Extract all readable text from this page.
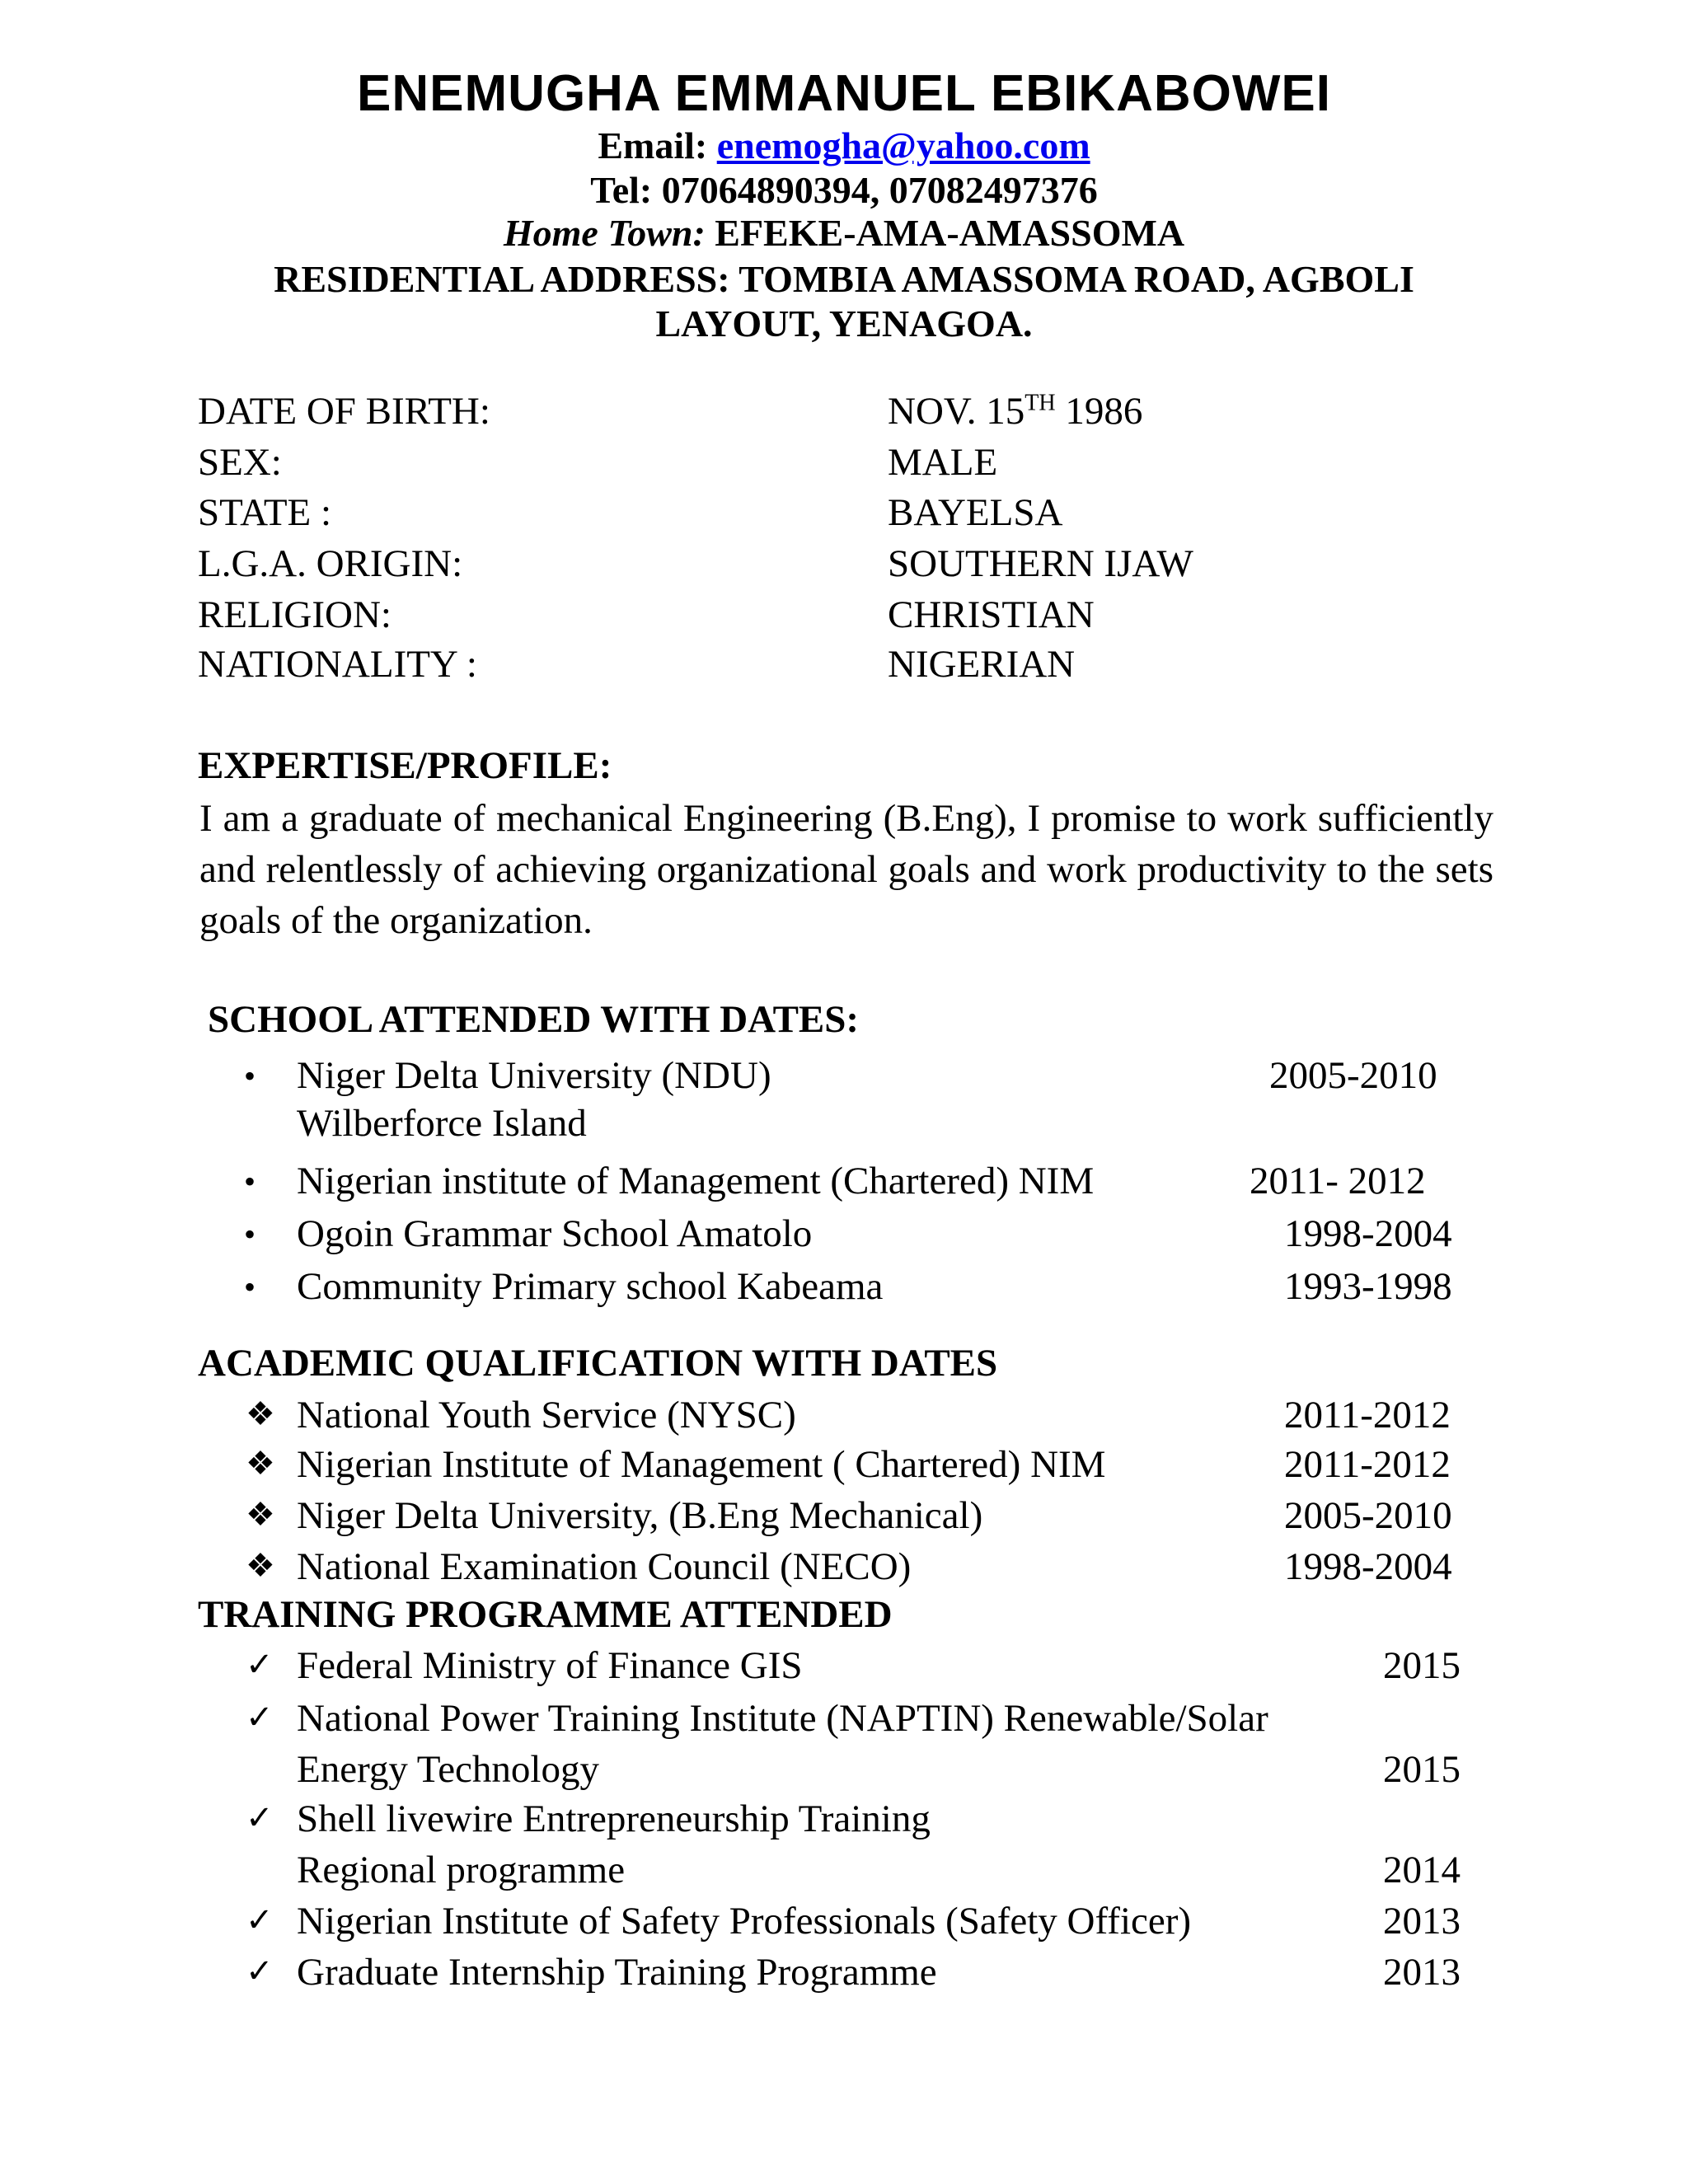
ENEMUGHA EMMANUEL EBIKABOWEI
Email: enemogha@yahoo.com
Tel: 07064890394, 07082497376
Home Town: EFEKE-AMA-AMASSOMA
RESIDENTIAL ADDRESS: TOMBIA AMASSOMA ROAD, AGBOLI
LAYOUT, YENAGOA.
DATE OF BIRTH:	NOV. 15TH 1986
SEX:	MALE
STATE :	BAYELSA
L.G.A. ORIGIN:	SOUTHERN IJAW
RELIGION:	CHRISTIAN
NATIONALITY :	NIGERIAN
EXPERTISE/PROFILE:
I am a graduate of mechanical Engineering (B.Eng), I promise to work sufficiently and relentlessly of achieving organizational goals and work productivity to the sets goals of the organization.
SCHOOL ATTENDED WITH DATES:
• Niger Delta University (NDU)	2005-2010
Wilberforce Island
• Nigerian institute of Management (Chartered) NIM	2011- 2012
• Ogoin Grammar School Amatolo	1998-2004
• Community Primary school Kabeama	1993-1998
ACADEMIC QUALIFICATION WITH DATES
❖ National Youth Service (NYSC)	2011-2012
❖ Nigerian Institute of Management ( Chartered) NIM	2011-2012
❖ Niger Delta University, (B.Eng Mechanical)	2005-2010
❖ National Examination Council (NECO)	1998-2004
TRAINING PROGRAMME ATTENDED
✓ Federal Ministry of Finance GIS	2015
✓ National Power Training Institute (NAPTIN) Renewable/Solar
Energy Technology	2015
✓ Shell livewire Entrepreneurship Training
Regional programme	2014
✓ Nigerian Institute of Safety Professionals (Safety Officer)	2013
✓ Graduate Internship Training Programme	2013
